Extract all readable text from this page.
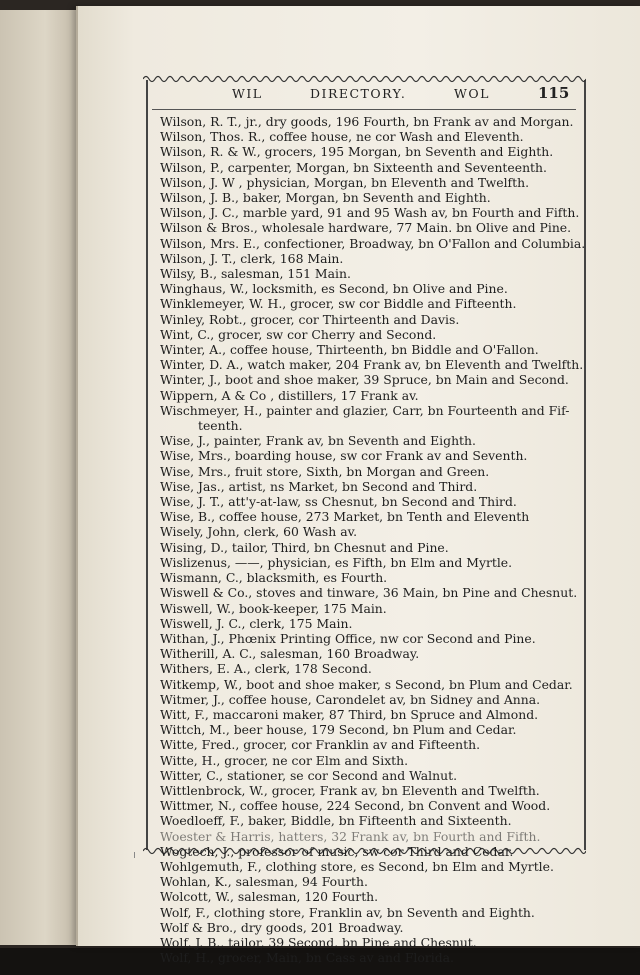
WIL	DIRECTORY.	WOL	115
Wilson, R. T., jr., dry goods, 196 Fourth, bn Frank av and Morgan.
Wilson, Thos. R., coffee house, ne cor Wash and Eleventh.
Wilson, R. & W., grocers, 195 Morgan, bn Seventh and Eighth.
Wilson, P., carpenter, Morgan, bn Sixteenth and Seventeenth.
Wilson, J. W , physician, Morgan, bn Eleventh and Twelfth.
Wilson, J. B., baker, Morgan, bn Seventh and Eighth.
Wilson, J. C., marble yard, 91 and 95 Wash av, bn Fourth and Fifth.
Wilson & Bros., wholesale hardware, 77 Main. bn Olive and Pine.
Wilson, Mrs. E., confectioner, Broadway, bn O'Fallon and Columbia.
Wilson, J. T., clerk, 168 Main.
Wilsy, B., salesman, 151 Main.
Winghaus, W., locksmith, es Second, bn Olive and Pine.
Winklemeyer, W. H., grocer, sw cor Biddle and Fifteenth.
Winley, Robt., grocer, cor Thirteenth and Davis.
Wint, C., grocer, sw cor Cherry and Second.
Winter, A., coffee house, Thirteenth, bn Biddle and O'Fallon.
Winter, D. A., watch maker, 204 Frank av, bn Eleventh and Twelfth.
Winter, J., boot and shoe maker, 39 Spruce, bn Main and Second.
Wippern, A & Co , distillers, 17 Frank av.
Wischmeyer, H., painter and glazier, Carr, bn Fourteenth and Fif-
teenth.
Wise, J., painter, Frank av, bn Seventh and Eighth.
Wise, Mrs., boarding house, sw cor Frank av and Seventh.
Wise, Mrs., fruit store, Sixth, bn Morgan and Green.
Wise, Jas., artist, ns Market, bn Second and Third.
Wise, J. T., att'y-at-law, ss Chesnut, bn Second and Third.
Wise, B., coffee house, 273 Market, bn Tenth and Eleventh
Wisely, John, clerk, 60 Wash av.
Wising, D., tailor, Third, bn Chesnut and Pine.
Wislizenus, ——, physician, es Fifth, bn Elm and Myrtle.
Wismann, C., blacksmith, es Fourth.
Wiswell & Co., stoves and tinware, 36 Main, bn Pine and Chesnut.
Wiswell, W., book-keeper, 175 Main.
Wiswell, J. C., clerk, 175 Main.
Withan, J., Phœnix Printing Office, nw cor Second and Pine.
Witherill, A. C., salesman, 160 Broadway.
Withers, E. A., clerk, 178 Second.
Witkemp, W., boot and shoe maker, s Second, bn Plum and Cedar.
Witmer, J., coffee house, Carondelet av, bn Sidney and Anna.
Witt, F., maccaroni maker, 87 Third, bn Spruce and Almond.
Wittch, M., beer house, 179 Second, bn Plum and Cedar.
Witte, Fred., grocer, cor Franklin av and Fifteenth.
Witte, H., grocer, ne cor Elm and Sixth.
Witter, C., stationer, se cor Second and Walnut.
Wittlenbrock, W., grocer, Frank av, bn Eleventh and Twelfth.
Wittmer, N., coffee house, 224 Second, bn Convent and Wood.
Woedloeff, F., baker, Biddle, bn Fifteenth and Sixteenth.
Woester & Harris, hatters, 32 Frank av, bn Fourth and Fifth.
Wogtech, J., professor of music, sw cor Third and Cedar.
Wohlgemuth, F., clothing store, es Second, bn Elm and Myrtle.
Wohlan, K., salesman, 94 Fourth.
Wolcott, W., salesman, 120 Fourth.
Wolf, F., clothing store, Franklin av, bn Seventh and Eighth.
Wolf & Bro., dry goods, 201 Broadway.
Wolf, J. B., tailor, 39 Second, bn Pine and Chesnut.
Wolf, H., grocer, Main, bn Cass av and Florida.
